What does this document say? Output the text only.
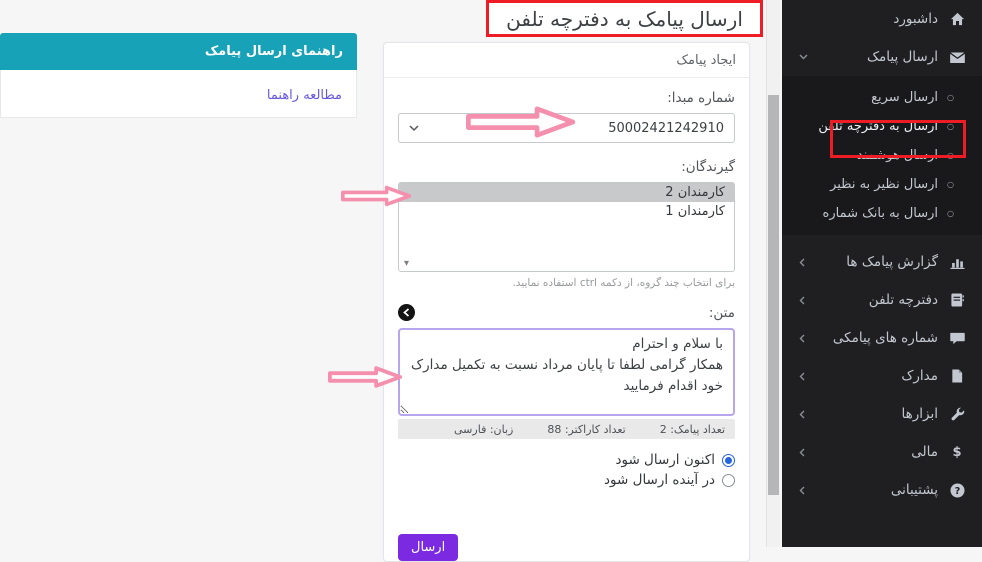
ارسال پیامک به دفترچه تلفن
راهنمای ارسال پیامک
مطالعه راهنما
ایجاد پیامک
شماره مبدا:
50002421242910
گیرندگان:
کارمندان 2
کارمندان 1
▾
برای انتخاب چند گروه، از دکمه ctrl استفاده نمایید.
متن:
با سلام و احترام همکار گرامی لطفا تا پایان مرداد نسبت به تکمیل مدارک خود اقدام فرمایید
تعداد پیامک: 2
تعداد کاراکتر: 88
زبان: فارسی
اکنون ارسال شود
در آینده ارسال شود
ارسال
داشبورد
ارسال پیامک
○
ارسال سریع
○
ارسال به دفترچه تلفن
○
ارسال هوشمند
○
ارسال نظیر به نظیر
○
ارسال به بانک شماره
گزارش پیامک ها
دفترچه تلفن
شماره های پیامکی
مدارک
ابزارها
$
مالی
?
پشتیبانی
